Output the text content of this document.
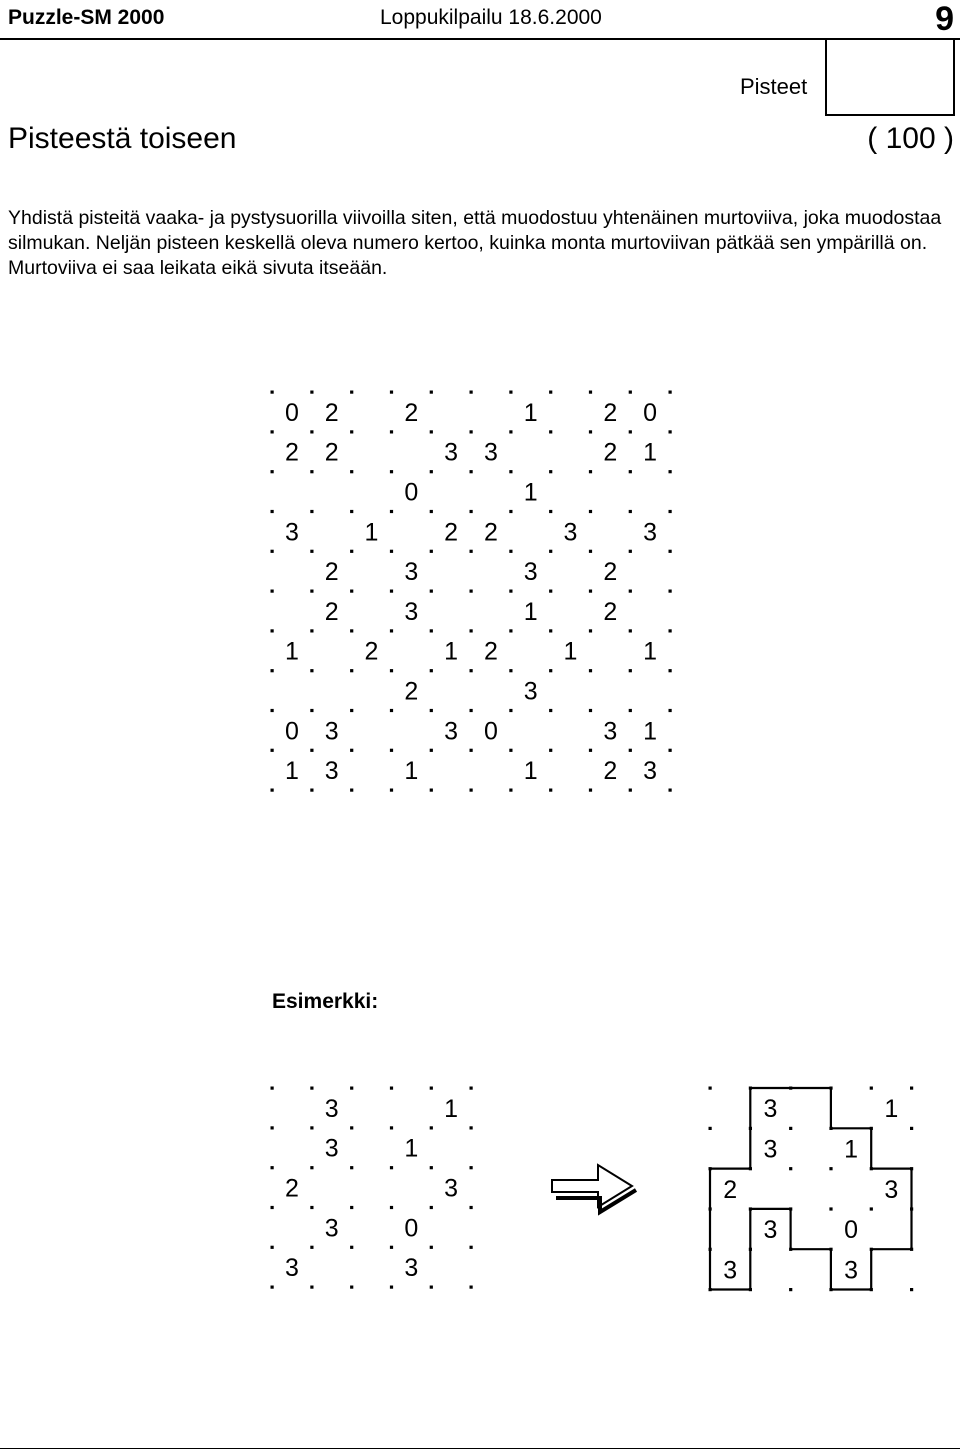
Puzzle-SM 2000	Loppukilpailu 18.6.2000	9
Pisteet
Pisteestä toiseen	( 100 )

Yhdistä pisteitä vaaka- ja pystysuorilla viivoilla siten, että muodostuu yhtenäinen murtoviiva, joka muodostaa silmukan. Neljän pisteen keskellä oleva numero kertoo, kuinka monta murtoviivan pätkää sen ympärillä on. Murtoviiva ei saa leikata eikä sivuta itseään.

0 2	2	1	2 0
2 2	3 3	2 1
0	1
3	1	2 2	3	3
2	3	3	2
2	3	1	2
1	2	1 2	1	1
2	3
0 3	3 0	3 1
1 3	1	1	2 3
3	1
3	1
2	3
3	0
3	3
3	1
3	1
2	3
3	0
3	3
Esimerkki:
